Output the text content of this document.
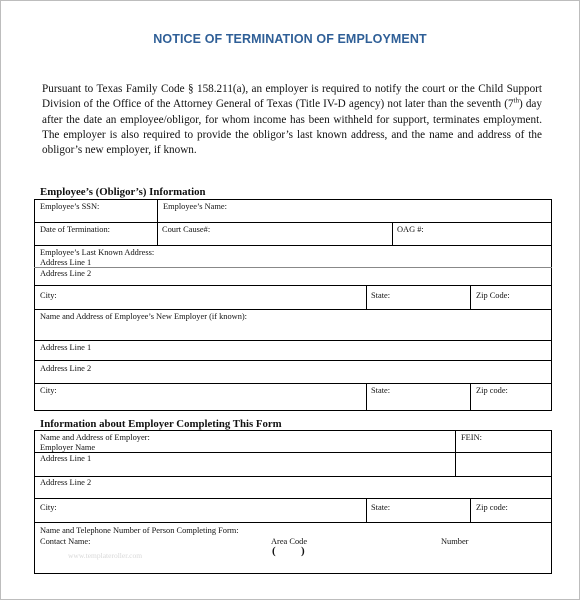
NOTICE OF TERMINATION OF EMPLOYMENT
Pursuant to Texas Family Code § 158.211(a), an employer is required to notify the court or the Child Support Division of the Office of the Attorney General of Texas (Title IV-D agency) not later than the seventh (7th) day after the date an employee/obligor, for whom income has been withheld for support, terminates employment. The employer is also required to provide the obligor’s last known address, and the name and address of the obligor’s new employer, if known.
Employee’s (Obligor’s) Information
Employee’s SSN:	Employee’s Name:
Date of Termination:	Court Cause#:	OAG #:
Employee’s Last Known Address:
Address Line 1
Address Line 2
City:	State:	Zip Code:
Name and Address of Employee’s New Employer (if known):
Address Line 1
Address Line 2
City:	State:	Zip code:
Information about Employer Completing This Form
Name and Address of Employer:
Employer Name
FEIN:
Address Line 1
Address Line 2
City:	State:	Zip code:
Name and Telephone Number of Person Completing Form:
Contact Name:	Area Code	Number
( )
www.templateroller.com
